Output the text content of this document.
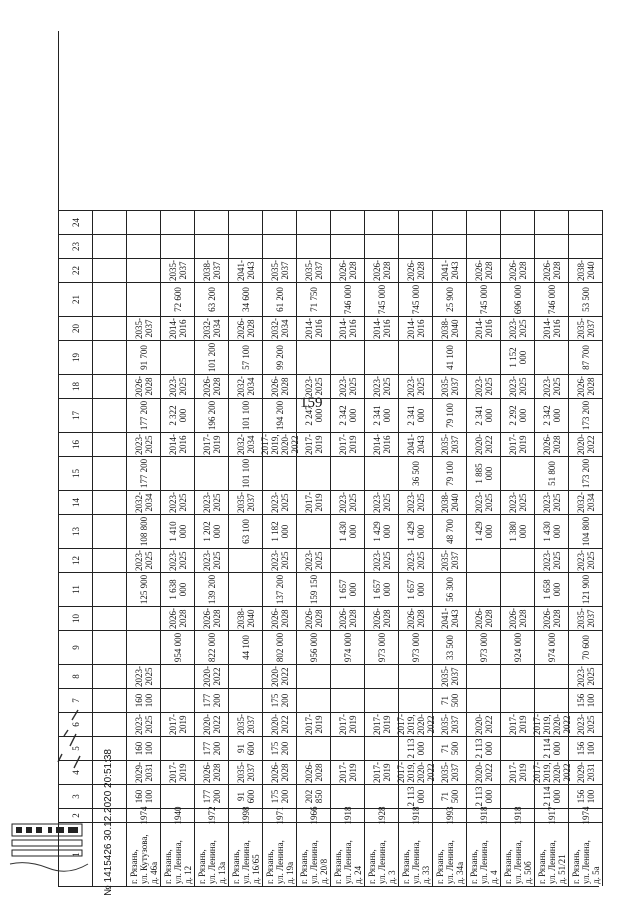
159
1
2
3
4
5
6
7
8
9
10
11
12
13
14
15
16
17
18
19
20
21
22
23
24
г. Рязань,
ул. Кутузова,
д. 46а
1974
160 100
2029-
2031
160 100
2023-
2025
160 100
2023-
2025
125 900
2023-
2025
108 800
2032-
2034
177 200
2023-
2025
177 200
2026-
2028
91 700
2035-
2037
г. Рязань,
ул. Ленина,
д. 12
1940
2017-
2019
2017-
2019
954 000
2026-
2028
1 638 000
2023-
2025
1 410 000
2023-
2025
2014-
2016
2 322 000
2023-
2025
2014-
2016
72 600
2035-
2037
г. Рязань,
ул. Ленина,
д. 13а
1972
177 200
2026-
2028
177 200
2020-
2022
177 200
2020-
2022
822 000
2026-
2028
139 200
2023-
2025
1 202 000
2023-
2025
2017-
2019
196 200
2026-
2028
101 200
2032-
2034
63 200
2038-
2037
г. Рязань,
ул. Ленина,
д. 16/65
1998
91 600
2035-
2037
91 600
2035-
2037
44 100
2038-
2040
63 100
2035-
2037
101 100
2032-
2034
101 100
2032-
2034
57 100
2026-
2028
34 600
2041-
2043
г. Рязань,
ул. Ленина,
д. 19а
1971
175 200
2026-
2028
175 200
2020-
2022
175 200
2020-
2022
802 000
2026-
2028
137 200
2023-
2025
1 182 000
2023-
2025
2017-
2019,
2020-
2022
194 200
2026-
2028
99 200
2032-
2034
61 200
2035-
2037
г. Рязань,
ул. Ленина,
д. 20/8
1966
202 850
2026-
2028
2017-
2019
956 000
2026-
2028
159 150
2023-
2025
2017-
2019
2017-
2019
2 247 000
2023-
2025
2014-
2016
71 750
2035-
2037
г. Рязань,
ул. Ленина,
д. 24
1918
2017-
2019
2017-
2019
974 000
2026-
2028
1 657 000
1 430 000
2023-
2025
2017-
2019
2 342 000
2023-
2025
2014-
2016
746 000
2026-
2028
г. Рязань,
ул. Ленина,
д. 3
1928
2017-
2019
2017-
2019
973 000
2026-
2028
1 657 000
2023-
2025
1 429 000
2023-
2025
2014-
2016
2 341 000
2023-
2025
2014-
2016
745 000
2026-
2028
г. Рязань,
ул. Ленина,
д. 33
1918
2 113 000
2017-
2019,
2020-
2022
2 113 000
2017-
2019,
2020-
2022
973 000
2026-
2028
1 657 000
2023-
2025
1 429 000
2023-
2025
36 500
2041-
2043
2 341 000
2023-
2025
2014-
2016
745 000
2026-
2028
г. Рязань,
ул. Ленина,
д. 34а
1993
71 500
2035-
2037
71 500
2035-
2037
71 500
2035-
2037
33 500
2041-
2043
56 300
2035-
2037
48 700
2038-
2040
79 100
2035-
2037
79 100
2035-
2037
41 100
2038-
2040
25 900
2041-
2043
г. Рязань,
ул. Ленина,
д. 4
1918
2 113 000
2020-
2022
2 113 000
2020-
2022
973 000
2026-
2028
1 429 000
2023-
2025
1 885 000
2020-
2022
2 341 000
2023-
2025
2014-
2016
745 000
2026-
2028
г. Рязань,
ул. Ленина,
д. 50б
1918
2017-
2019
2017-
2019
924 000
2026-
2028
1 380 000
2023-
2025
2017-
2019
2 292 000
2023-
2025
1 152 000
2023-
2025
696 000
2026-
2028
г. Рязань,
ул. Ленина,
д. 51/21
1917
2 114 000
2017-
2019,
2020-
2022
2 114 000
2017-
2019,
2020-
2022
974 000
2026-
2028
1 658 000
2023-
2025
1 430 000
2023-
2025
51 800
2026-
2028
2 342 000
2023-
2025
2014-
2016
746 000
2026-
2028
г. Рязань,
ул. Ленина,
д. 5а
1974
156 100
2029-
2031
156 100
2023-
2025
156 100
2023-
2025
70 600
2035-
2037
121 900
2023-
2025
104 800
2032-
2034
173 200
2020-
2022
173 200
2026-
2028
87 700
2035-
2037
53 500
2038-
2040
№ 1415426 30.12.2020 20:51:38
